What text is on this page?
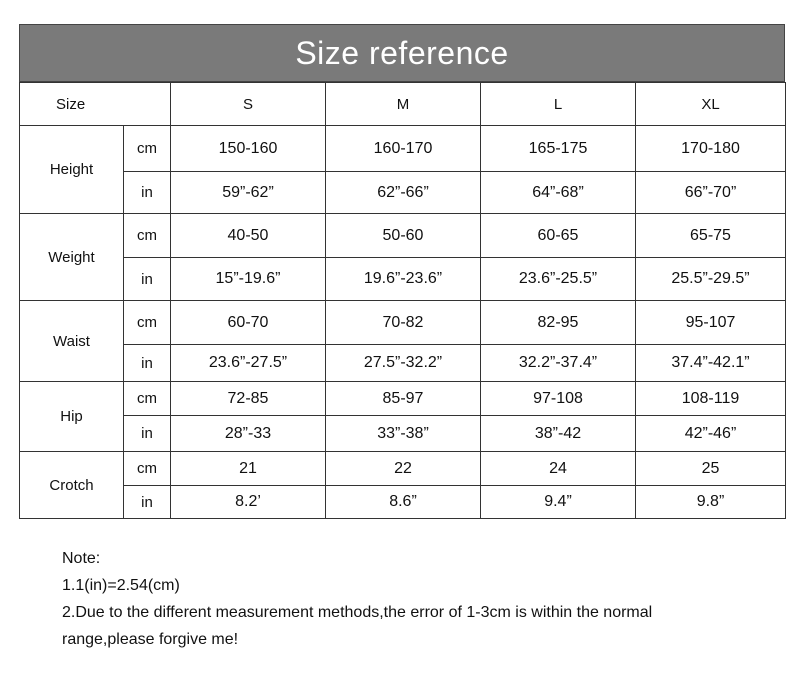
Size reference
Size		S	M	L	XL
Height	cm	150-160	160-170	165-175	170-180
	in	59”-62”	62”-66”	64”-68”	66”-70”
Weight	cm	40-50	50-60	60-65	65-75
	in	15”-19.6”	19.6”-23.6”	23.6”-25.5”	25.5”-29.5”
Waist	cm	60-70	70-82	82-95	95-107
	in	23.6”-27.5”	27.5”-32.2”	32.2”-37.4”	37.4”-42.1”
Hip	cm	72-85	85-97	97-108	108-119
	in	28”-33	33”-38”	38”-42	42”-46”
Crotch	cm	21	22	24	25
	in	8.2’	8.6”	9.4”	9.8”
Note:
1.1(in)=2.54(cm)
2.Due to the different measurement methods,the error of 1-3cm is within the normal
range,please forgive me!
